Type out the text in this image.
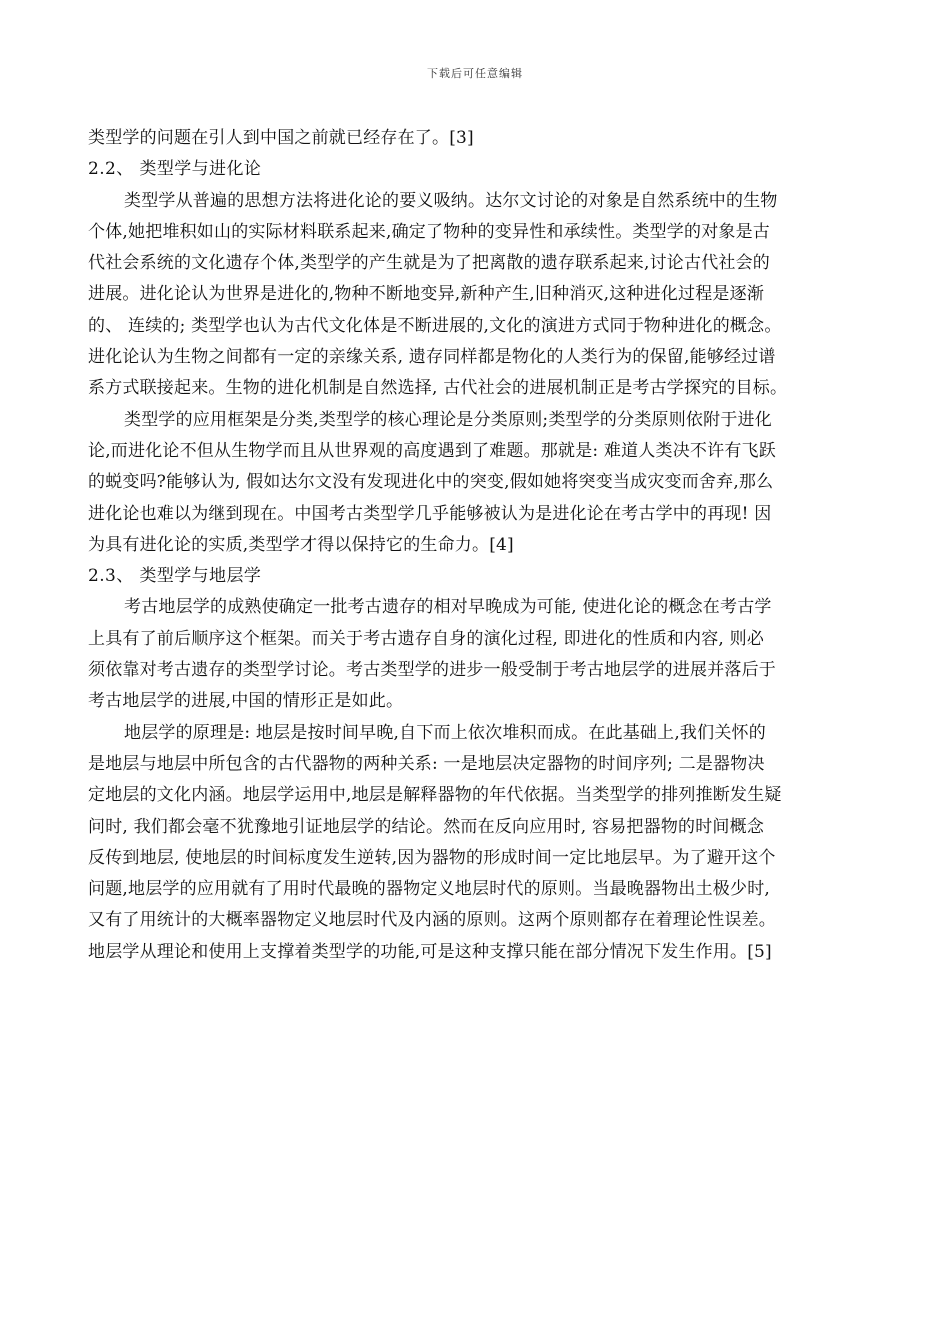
下载后可任意编辑
类型学的问题在引人到中国之前就已经存在了。[3]
2.2、 类型学与进化论
类型学从普遍的思想方法将进化论的要义吸纳。达尔文讨论的对象是自然系统中的生物
个体,她把堆积如山的实际材料联系起来,确定了物种的变异性和承续性。类型学的对象是古
代社会系统的文化遗存个体,类型学的产生就是为了把离散的遗存联系起来,讨论古代社会的
进展。进化论认为世界是进化的,物种不断地变异,新种产生,旧种消灭,这种进化过程是逐渐
的、 连续的; 类型学也认为古代文化体是不断进展的,文化的演进方式同于物种进化的概念。
进化论认为生物之间都有一定的亲缘关系, 遗存同样都是物化的人类行为的保留,能够经过谱
系方式联接起来。生物的进化机制是自然选择, 古代社会的进展机制正是考古学探究的目标。
类型学的应用框架是分类,类型学的核心理论是分类原则;类型学的分类原则依附于进化
论,而进化论不但从生物学而且从世界观的高度遇到了难题。那就是: 难道人类决不许有飞跃
的蜕变吗?能够认为, 假如达尔文没有发现进化中的突变,假如她将突变当成灾变而舍弃,那么
进化论也难以为继到现在。中国考古类型学几乎能够被认为是进化论在考古学中的再现! 因
为具有进化论的实质,类型学才得以保持它的生命力。[4]
2.3、 类型学与地层学
考古地层学的成熟使确定一批考古遗存的相对早晚成为可能, 使进化论的概念在考古学
上具有了前后顺序这个框架。而关于考古遗存自身的演化过程, 即进化的性质和内容, 则必
须依靠对考古遗存的类型学讨论。考古类型学的进步一般受制于考古地层学的进展并落后于
考古地层学的进展,中国的情形正是如此。
地层学的原理是: 地层是按时间早晚,自下而上依次堆积而成。在此基础上,我们关怀的
是地层与地层中所包含的古代器物的两种关系: 一是地层决定器物的时间序列; 二是器物决
定地层的文化内涵。地层学运用中,地层是解释器物的年代依据。当类型学的排列推断发生疑
问时, 我们都会毫不犹豫地引证地层学的结论。然而在反向应用时, 容易把器物的时间概念
反传到地层, 使地层的时间标度发生逆转,因为器物的形成时间一定比地层早。为了避开这个
问题,地层学的应用就有了用时代最晚的器物定义地层时代的原则。当最晚器物出土极少时,
又有了用统计的大概率器物定义地层时代及内涵的原则。这两个原则都存在着理论性误差。
地层学从理论和使用上支撑着类型学的功能,可是这种支撑只能在部分情况下发生作用。[5]
